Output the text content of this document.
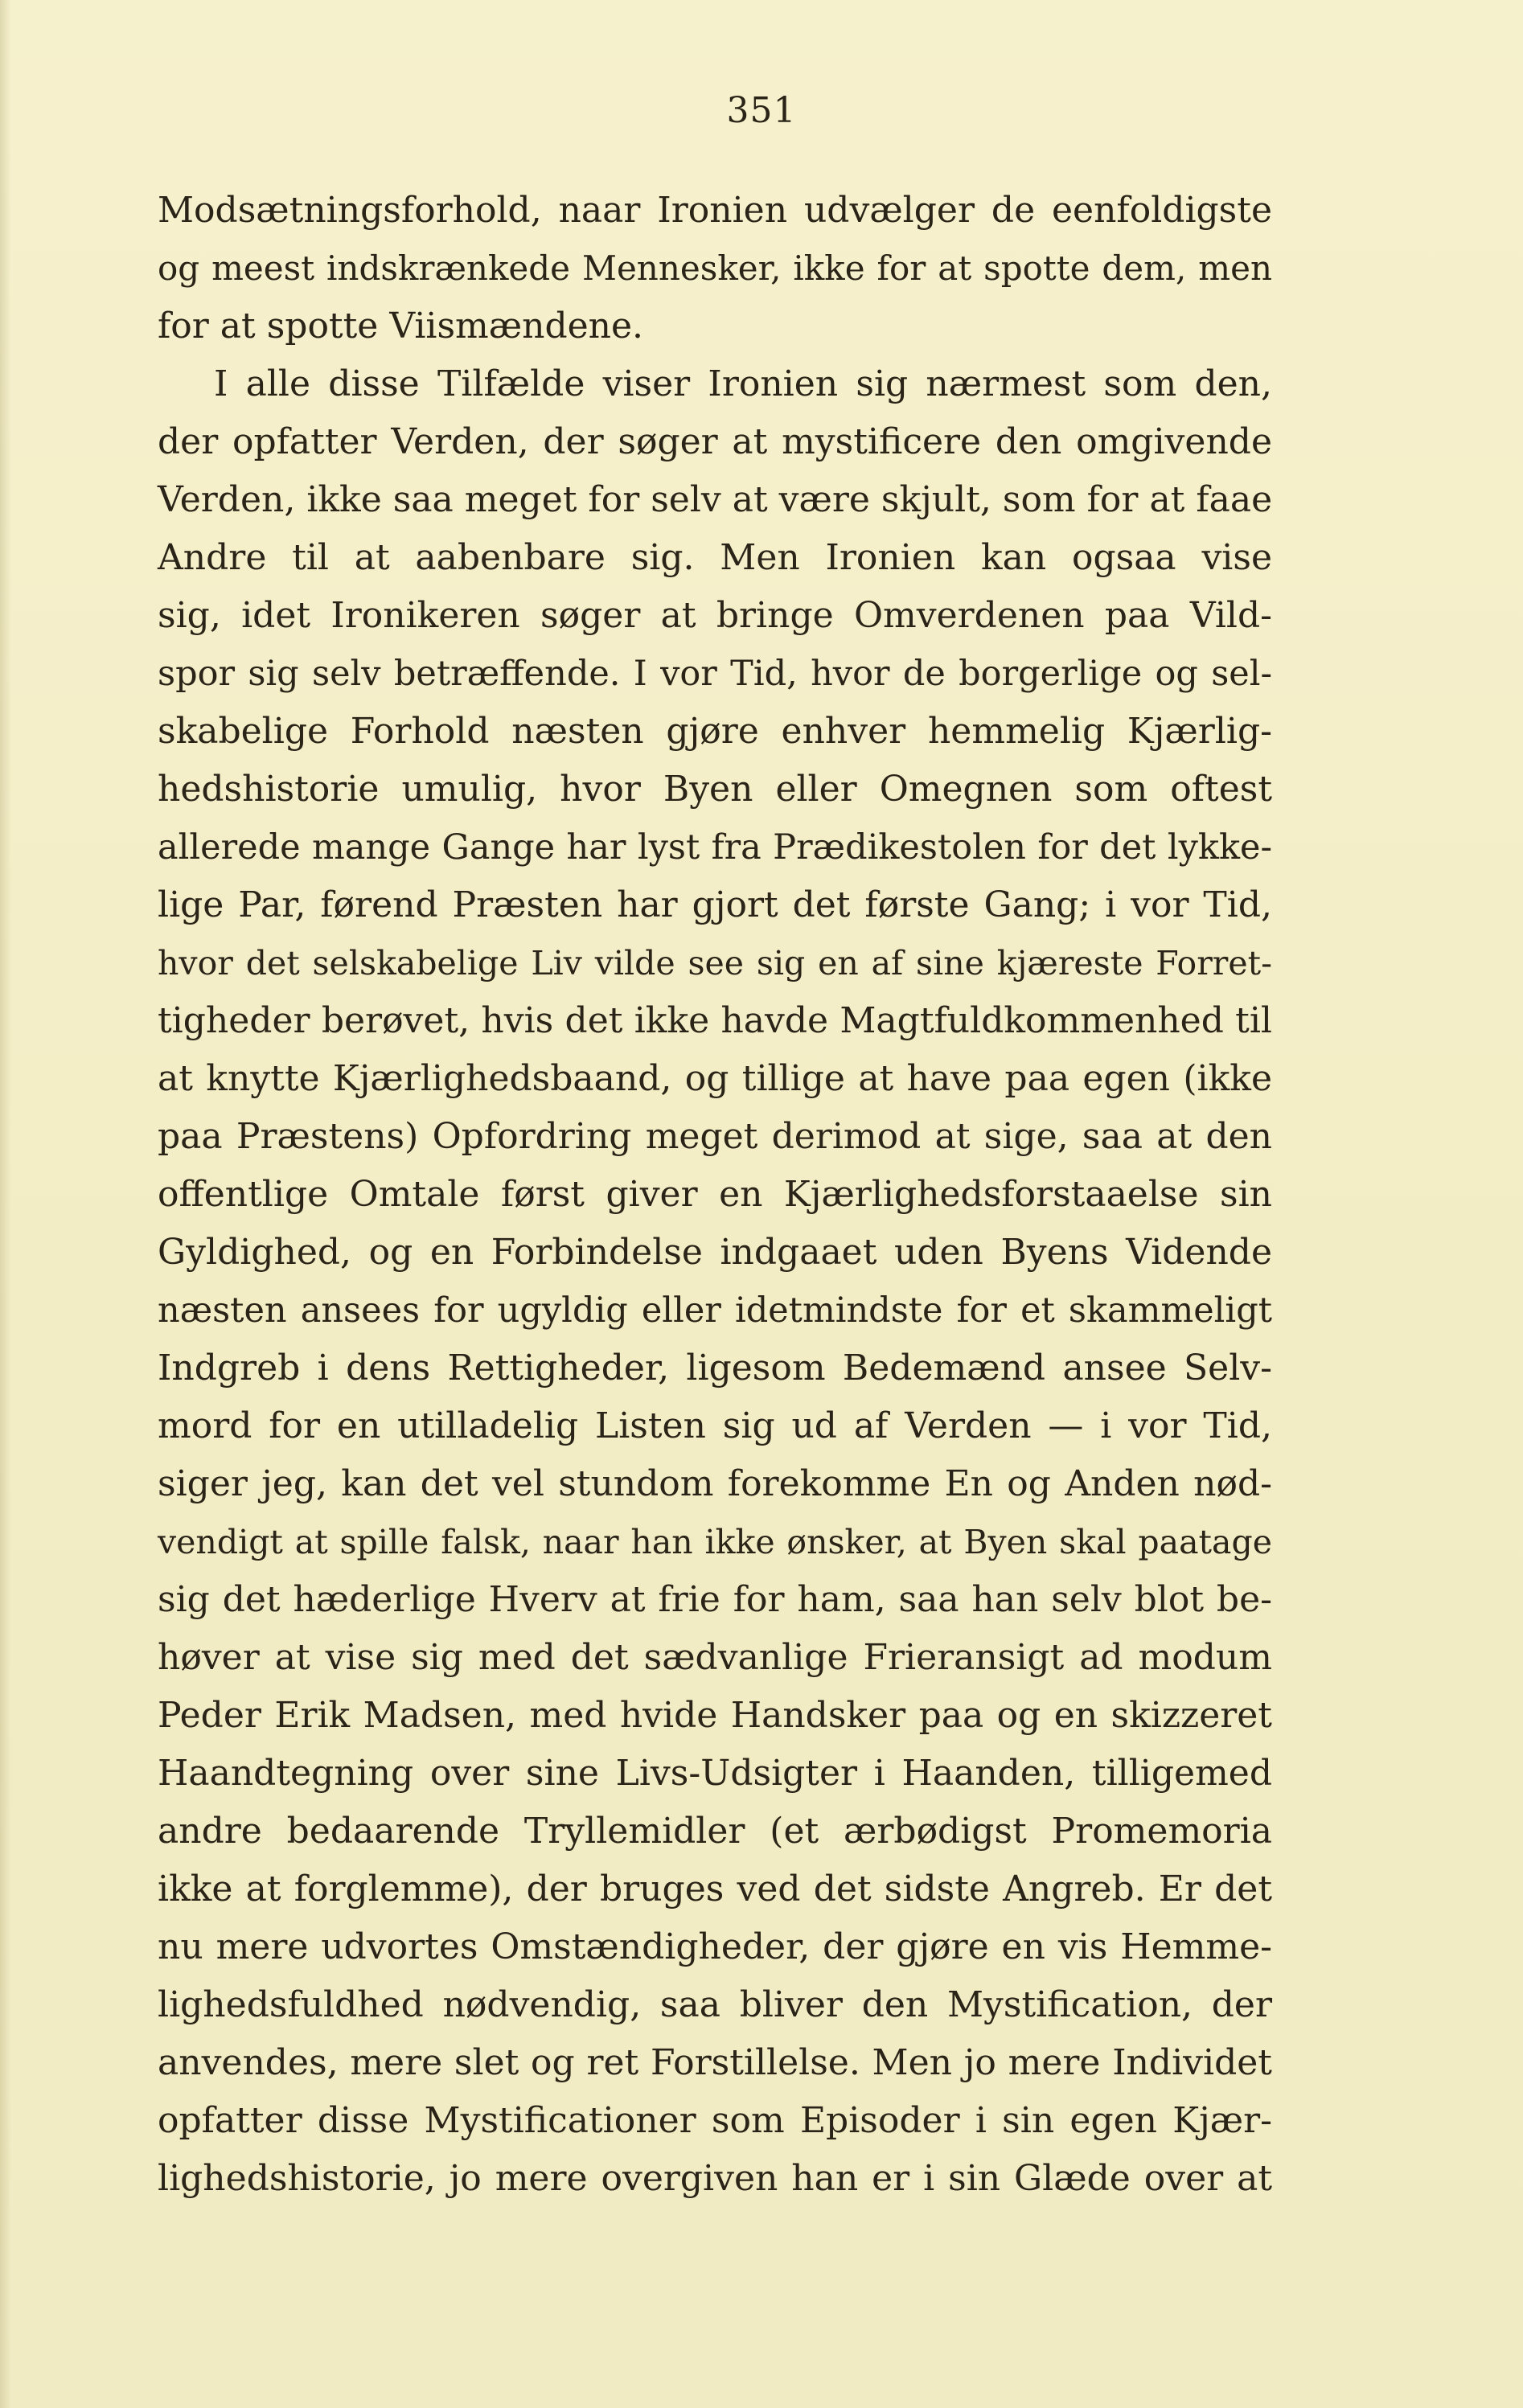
351
Modsætningsforhold, naar Ironien udvælger de eenfoldigste
og meest indskrænkede Mennesker, ikke for at spotte dem, men
for at spotte Viismændene.
I alle disse Tilfælde viser Ironien sig nærmest som den,
der opfatter Verden, der søger at mystificere den omgivende
Verden, ikke saa meget for selv at være skjult, som for at faae
Andre til at aabenbare sig. Men Ironien kan ogsaa vise
sig, idet Ironikeren søger at bringe Omverdenen paa Vild-
spor sig selv betræffende. I vor Tid, hvor de borgerlige og sel-
skabelige Forhold næsten gjøre enhver hemmelig Kjærlig-
hedshistorie umulig, hvor Byen eller Omegnen som oftest
allerede mange Gange har lyst fra Prædikestolen for det lykke-
lige Par, førend Præsten har gjort det første Gang; i vor Tid,
hvor det selskabelige Liv vilde see sig en af sine kjæreste Forret-
tigheder berøvet, hvis det ikke havde Magtfuldkommenhed til
at knytte Kjærlighedsbaand, og tillige at have paa egen (ikke
paa Præstens) Opfordring meget derimod at sige, saa at den
offentlige Omtale først giver en Kjærlighedsforstaaelse sin
Gyldighed, og en Forbindelse indgaaet uden Byens Vidende
næsten ansees for ugyldig eller idetmindste for et skammeligt
Indgreb i dens Rettigheder, ligesom Bedemænd ansee Selv-
mord for en utilladelig Listen sig ud af Verden — i vor Tid,
siger jeg, kan det vel stundom forekomme En og Anden nød-
vendigt at spille falsk, naar han ikke ønsker, at Byen skal paatage
sig det hæderlige Hverv at frie for ham, saa han selv blot be-
høver at vise sig med det sædvanlige Frieransigt ad modum
Peder Erik Madsen, med hvide Handsker paa og en skizzeret
Haandtegning over sine Livs-Udsigter i Haanden, tilligemed
andre bedaarende Tryllemidler (et ærbødigst Promemoria
ikke at forglemme), der bruges ved det sidste Angreb. Er det
nu mere udvortes Omstændigheder, der gjøre en vis Hemme-
lighedsfuldhed nødvendig, saa bliver den Mystification, der
anvendes, mere slet og ret Forstillelse. Men jo mere Individet
opfatter disse Mystificationer som Episoder i sin egen Kjær-
lighedshistorie, jo mere overgiven han er i sin Glæde over at
